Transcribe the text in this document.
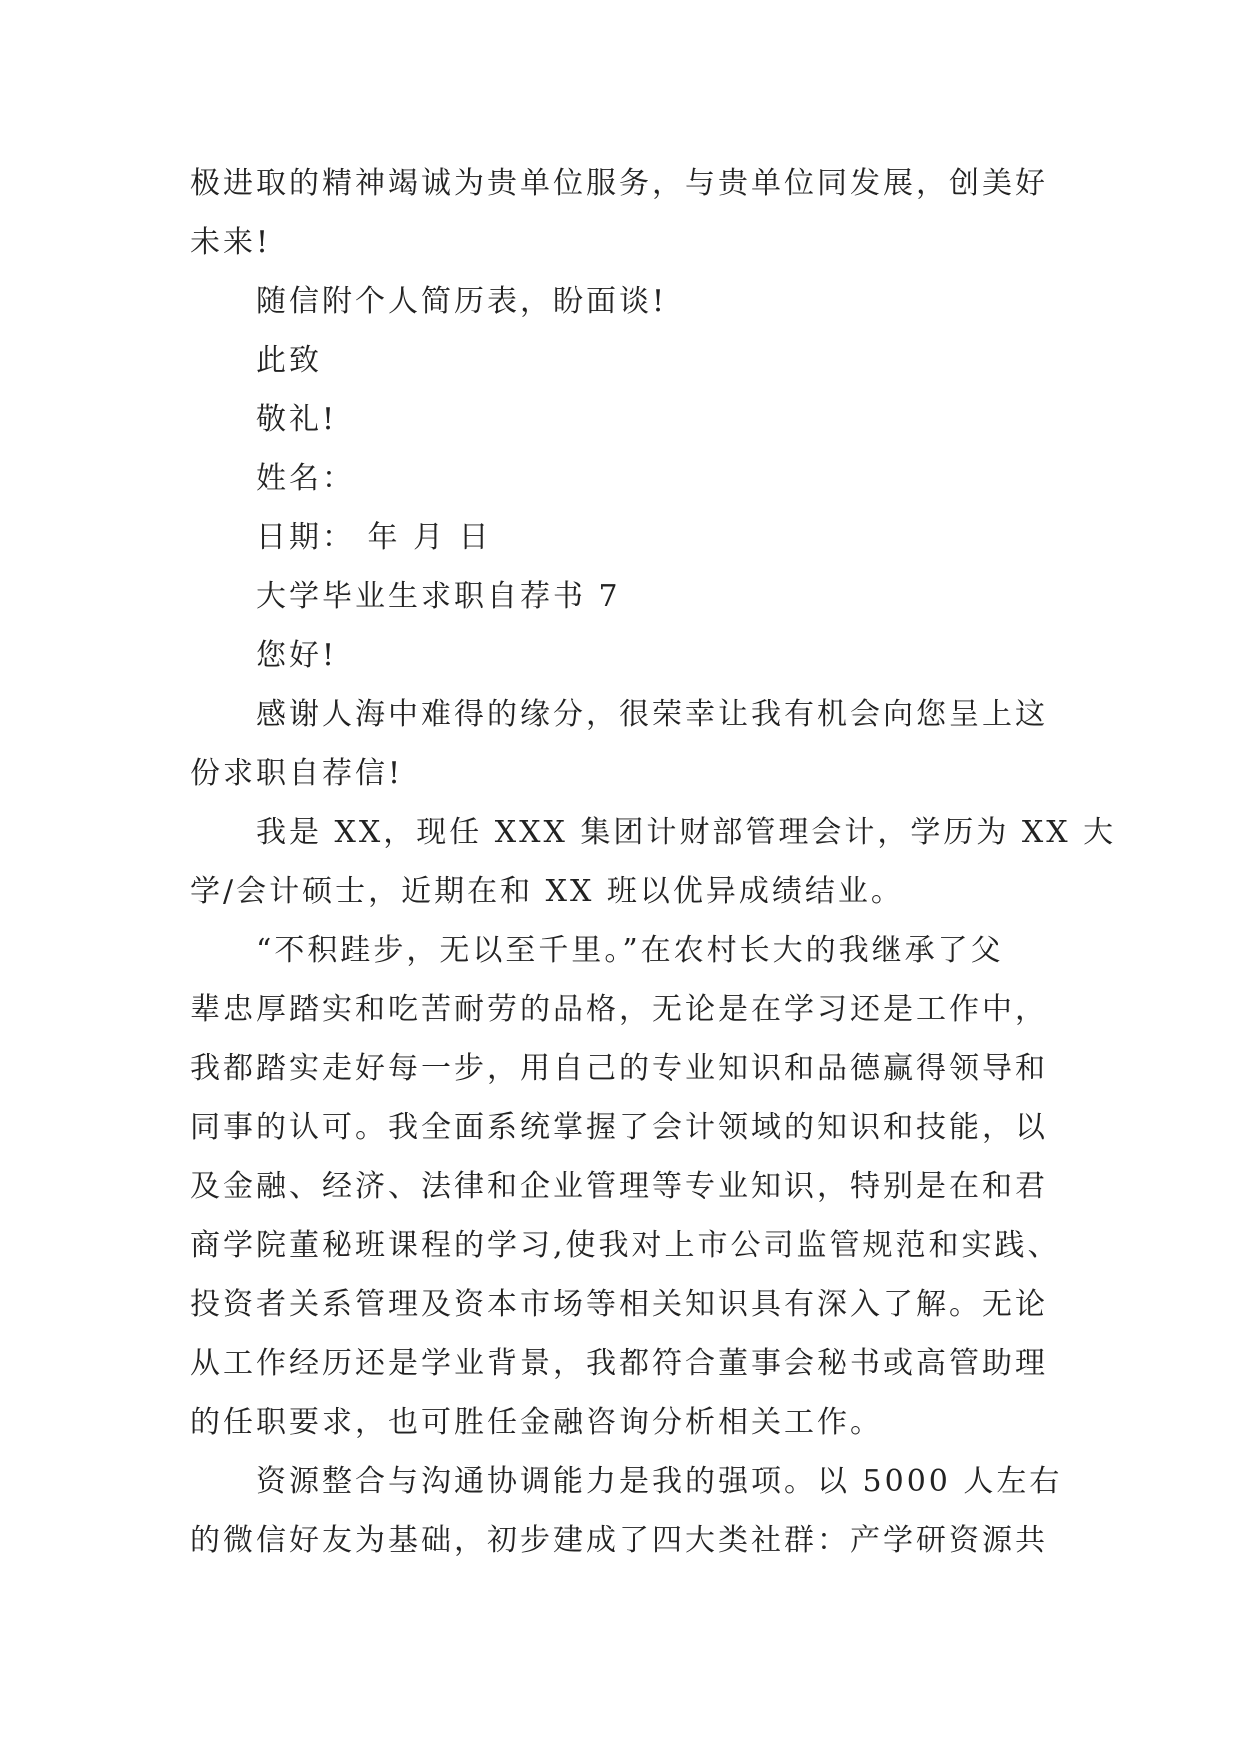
极进取的精神竭诚为贵单位服务，与贵单位同发展，创美好
未来!
随信附个人简历表，盼面谈!
此致
敬礼!
姓名：
日期： 年 月 日
大学毕业生求职自荐书 7
您好!
感谢人海中难得的缘分，很荣幸让我有机会向您呈上这
份求职自荐信!
我是 XX，现任 XXX 集团计财部管理会计，学历为 XX 大
学/会计硕士，近期在和 XX 班以优异成绩结业。
“不积跬步，无以至千里。”在农村长大的我继承了父
辈忠厚踏实和吃苦耐劳的品格，无论是在学习还是工作中，
我都踏实走好每一步，用自己的专业知识和品德赢得领导和
同事的认可。我全面系统掌握了会计领域的知识和技能，以
及金融、经济、法律和企业管理等专业知识，特别是在和君
商学院董秘班课程的学习,使我对上市公司监管规范和实践、
投资者关系管理及资本市场等相关知识具有深入了解。无论
从工作经历还是学业背景，我都符合董事会秘书或高管助理
的任职要求，也可胜任金融咨询分析相关工作。
资源整合与沟通协调能力是我的强项。以 5000 人左右
的微信好友为基础，初步建成了四大类社群：产学研资源共
